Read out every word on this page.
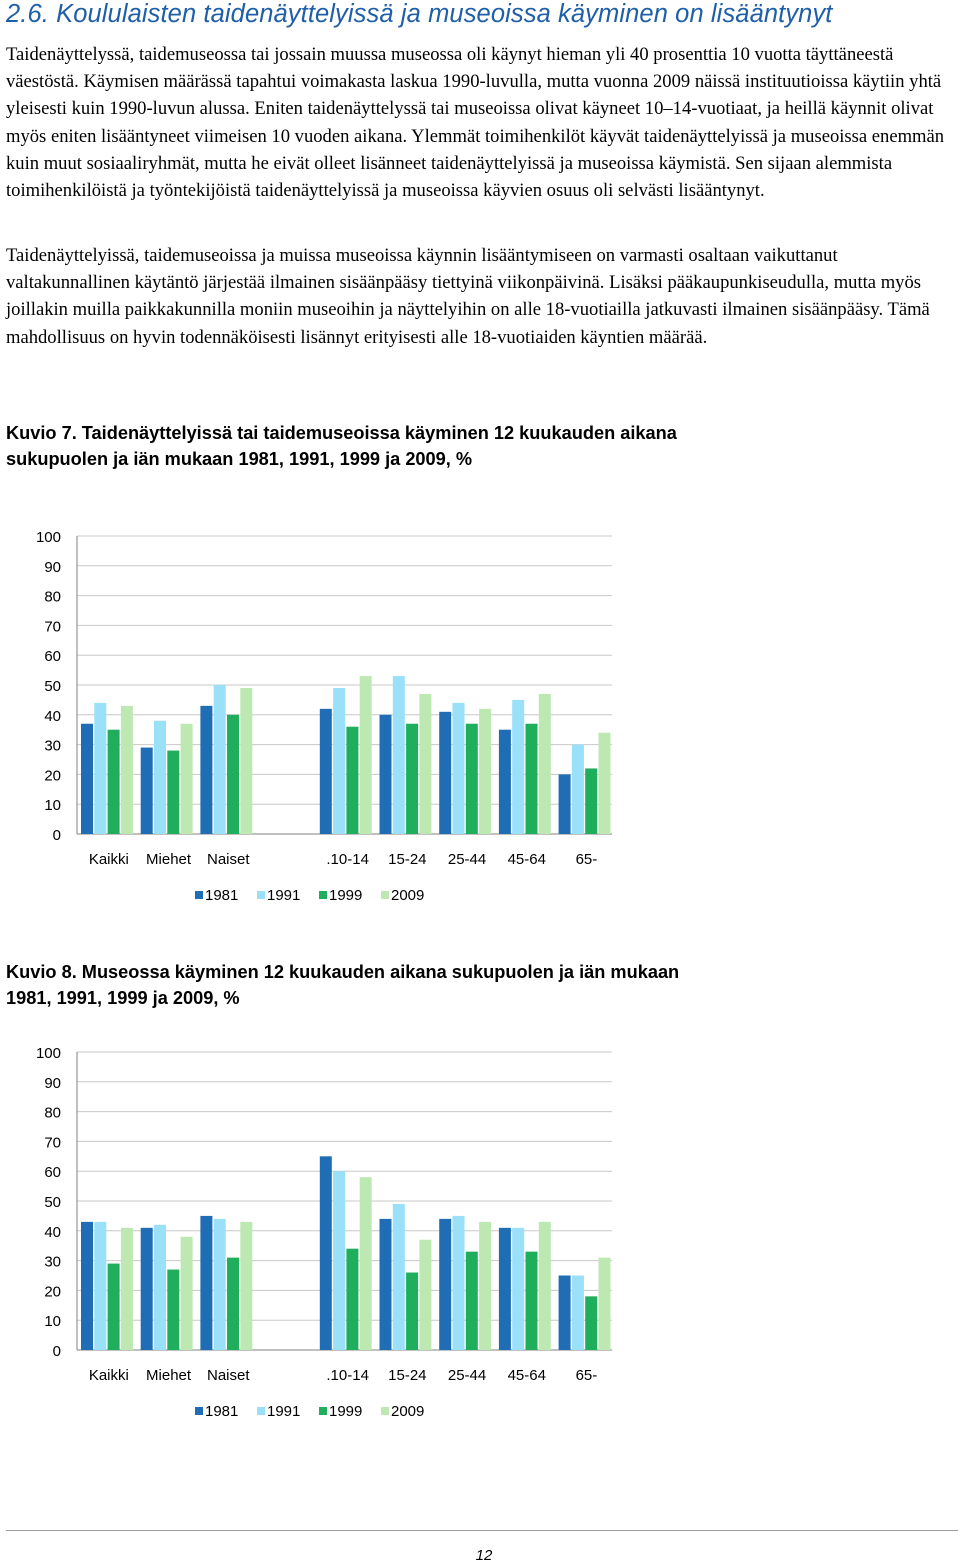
2.6. Koululaisten taidenäyttelyissä ja museoissa käyminen on lisääntynyt
Taidenäyttelyssä, taidemuseossa tai jossain muussa museossa oli käynyt hieman yli 40 prosenttia 10 vuotta täyttäneestä väestöstä. Käymisen määrässä tapahtui voimakasta laskua 1990-luvulla, mutta vuonna 2009 näissä instituutioissa käytiin yhtä yleisesti kuin 1990-luvun alussa. Eniten taidenäyttelyssä tai museoissa olivat käyneet 10–14-vuotiaat, ja heillä käynnit olivat myös eniten lisääntyneet viimeisen 10 vuoden aikana. Ylemmät toimihenkilöt käyvät taidenäyttelyissä ja museoissa enemmän kuin muut sosiaaliryhmät, mutta he eivät olleet lisänneet taidenäyttelyissä ja museoissa käymistä. Sen sijaan alemmista toimihenkilöistä ja työntekijöistä taidenäyttelyissä ja museoissa käyvien osuus oli selvästi lisääntynyt.
Taidenäyttelyissä, taidemuseoissa ja muissa museoissa käynnin lisääntymiseen on varmasti osaltaan vaikuttanut valtakunnallinen käytäntö järjestää ilmainen sisäänpääsy tiettyinä viikonpäivinä. Lisäksi pääkaupunkiseudulla, mutta myös joillakin muilla paikkakunnilla moniin museoihin ja näyttelyihin on alle 18-vuotiailla jatkuvasti ilmainen sisäänpääsy. Tämä mahdollisuus on hyvin todennäköisesti lisännyt erityisesti alle 18-vuotiaiden käyntien määrää.
Kuvio 7. Taidenäyttelyissä tai taidemuseoissa käyminen 12 kuukauden aikana sukupuolen ja iän mukaan 1981, 1991, 1999 ja 2009, %
0
10
20
30
40
50
60
70
80
90
100
Kaikki Miehet Naiset	.10-14 15-24 25-44 45-64 65-
1981 1991 1999 2009
Kuvio 8. Museossa käyminen 12 kuukauden aikana sukupuolen ja iän mukaan 1981, 1991, 1999 ja 2009, %
0
10
20
30
40
50
60
70
80
90
100
Kaikki Miehet Naiset	.10-14 15-24 25-44 45-64 65-
1981 1991 1999 2009
12
